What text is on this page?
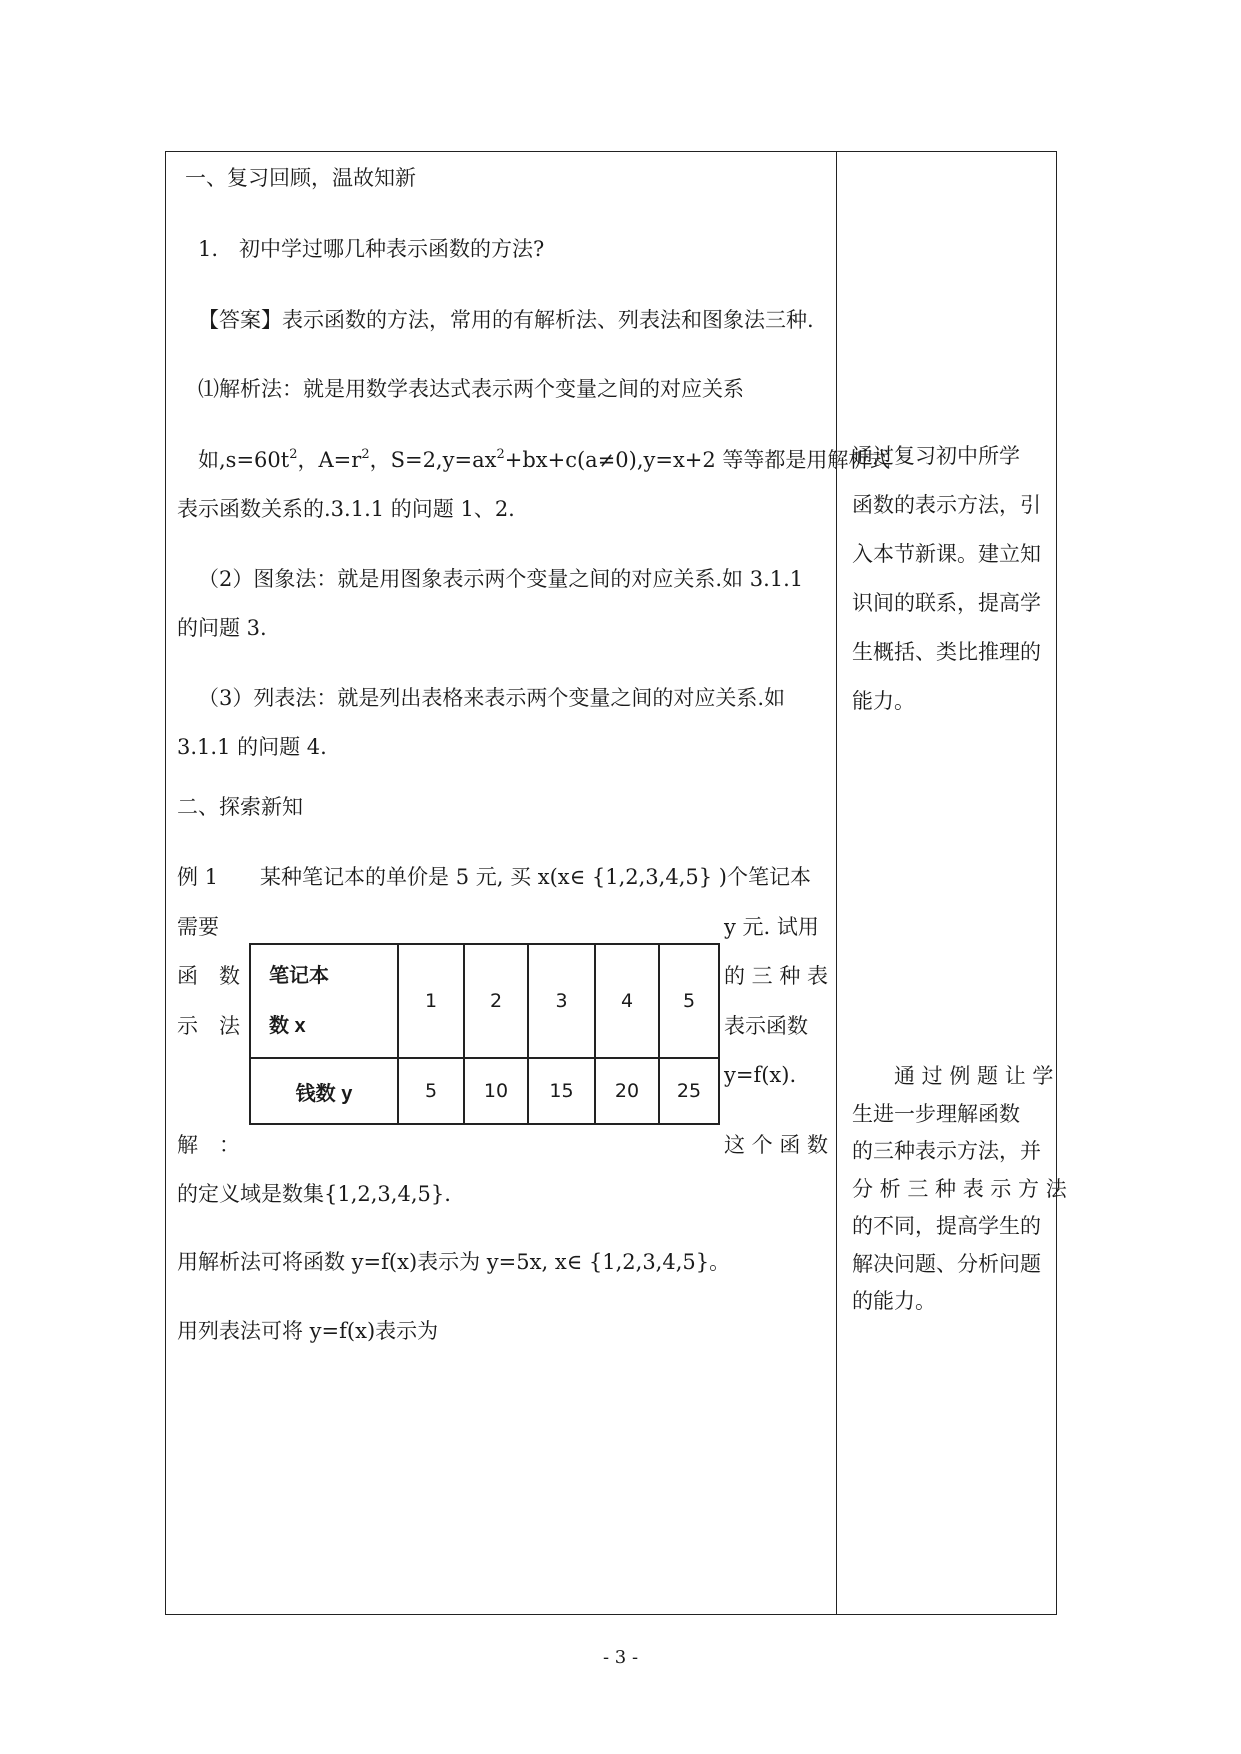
一、复习回顾，温故知新
1.　初中学过哪几种表示函数的方法?
【答案】表示函数的方法，常用的有解析法、列表法和图象法三种.
⑴解析法：就是用数学表达式表示两个变量之间的对应关系
如$,s=60t^2$，$A=r^2$，$S=2,y=ax^2+bx+c(a\ne 0),y=x+2$ 等等都是用解析式
表示函数关系的.3.1.1 的问题 1、2.
（2）图象法：就是用图象表示两个变量之间的对应关系.如 3.1.1
的问题 3.
（3）列表法：就是列出表格来表示两个变量之间的对应关系.如
3.1.1 的问题 4.
二、探索新知
例 1　　某种笔记本的单价是 5 元, 买 x(x∈ {1,2,3,4,5} )个笔记本
需要
函　数
示　法
解　：
y 元. 试用
的 三 种 表
表示函数
y=f(x).
这 个 函 数
笔记本
数 x	1	2	3	4	5
钱数 y	5	10	15	20	25
的定义域是数集{1,2,3,4,5}.
用解析法可将函数 y=f(x)表示为 y=5x, x∈ {1,2,3,4,5}。
用列表法可将 y=f(x)表示为
通过复习初中所学
函数的表示方法，引
入本节新课。建立知
识间的联系，提高学
生概括、类比推理的
能力。
　　通 过 例 题 让 学
生进一步理解函数
的三种表示方法，并
分 析 三 种 表 示 方 法
的不同，提高学生的
解决问题、分析问题
的能力。
- 3 -
